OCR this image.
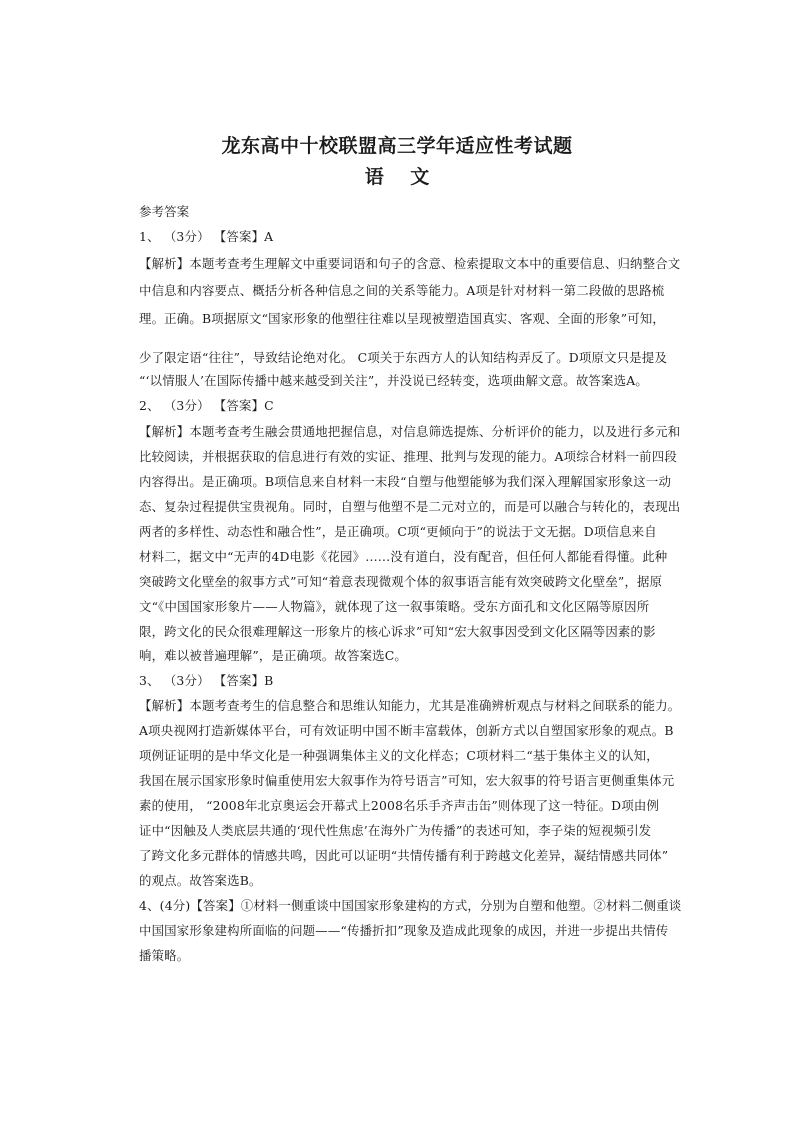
龙东高中十校联盟高三学年适应性考试题
语 文
参考答案
1、 （3分） 【答案】A
【解析】本题考查考生理解文中重要词语和句子的含意、检索提取文本中的重要信息、归纳整合文
中信息和内容要点、概括分析各种信息之间的关系等能力。A项是针对材料一第二段做的思路梳
理。正确。B项据原文“国家形象的他塑往往难以呈现被塑造国真实、客观、全面的形象”可知，
少了限定语“往往”，导致结论绝对化。 C项关于东西方人的认知结构弄反了。D项原文只是提及
“‘以情服人’在国际传播中越来越受到关注”，并没说已经转变，选项曲解文意。故答案选A。
2、 （3分） 【答案】C
【解析】本题考查考生融会贯通地把握信息，对信息筛选提炼、分析评价的能力，以及进行多元和
比较阅读，并根据获取的信息进行有效的实证、推理、批判与发现的能力。A项综合材料一前四段
内容得出。是正确项。B项信息来自材料一末段“自塑与他塑能够为我们深入理解国家形象这一动
态、复杂过程提供宝贵视角。同时，自塑与他塑不是二元对立的，而是可以融合与转化的，表现出
两者的多样性、动态性和融合性”，是正确项。C项“更倾向于”的说法于文无据。D项信息来自
材料二，据文中“无声的4D电影《花园》……没有道白，没有配音，但任何人都能看得懂。此种
突破跨文化壁垒的叙事方式”可知“着意表现微观个体的叙事语言能有效突破跨文化壁垒”，据原
文“《中国国家形象片——人物篇》，就体现了这一叙事策略。受东方面孔和文化区隔等原因所
限，跨文化的民众很难理解这一形象片的核心诉求”可知“宏大叙事因受到文化区隔等因素的影
响，难以被普遍理解”，是正确项。故答案选C。
3、 （3分） 【答案】B
【解析】本题考查考生的信息整合和思维认知能力，尤其是准确辨析观点与材料之间联系的能力。
A项央视网打造新媒体平台，可有效证明中国不断丰富载体，创新方式以自塑国家形象的观点。B
项例证证明的是中华文化是一种强调集体主义的文化样态；C项材料二“基于集体主义的认知，
我国在展示国家形象时偏重使用宏大叙事作为符号语言”可知，宏大叙事的符号语言更侧重集体元
素的使用， “2008年北京奥运会开幕式上2008名乐手齐声击缶”则体现了这一特征。D项由例
证中“因触及人类底层共通的‘现代性焦虑’在海外广为传播”的表述可知，李子柒的短视频引发
了跨文化多元群体的情感共鸣，因此可以证明“共情传播有利于跨越文化差异，凝结情感共同体”
的观点。故答案选B。
4、(4分)【答案】①材料一侧重谈中国国家形象建构的方式，分别为自塑和他塑。②材料二侧重谈
中国国家形象建构所面临的问题——“传播折扣”现象及造成此现象的成因，并进一步提出共情传
播策略。
